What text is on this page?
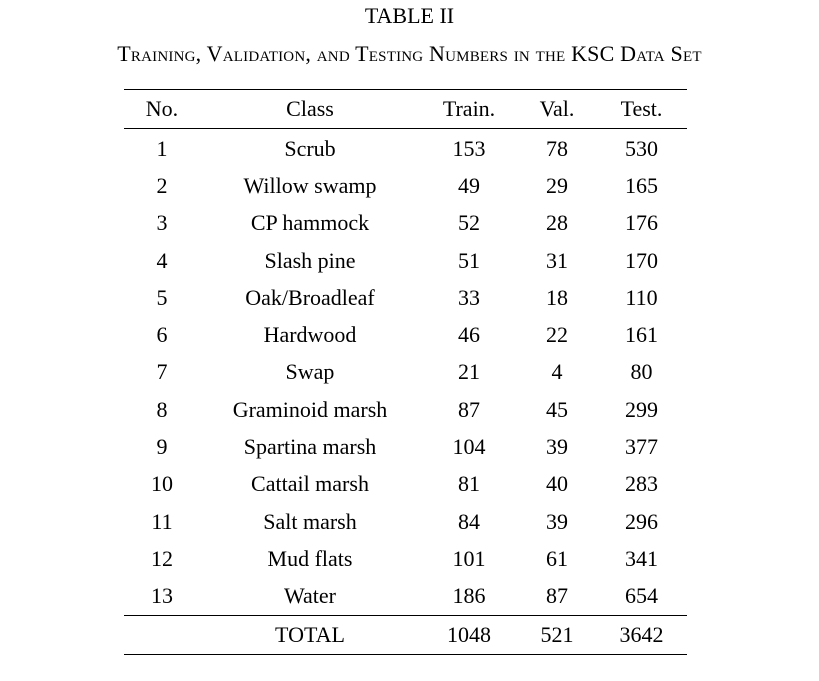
TABLE II
Training, Validation, and Testing Numbers in the KSC Data Set
No.	Class	Train.	Val.	Test.
1	Scrub	153	78	530
2	Willow swamp	49	29	165
3	CP hammock	52	28	176
4	Slash pine	51	31	170
5	Oak/Broadleaf	33	18	110
6	Hardwood	46	22	161
7	Swap	21	4	80
8	Graminoid marsh	87	45	299
9	Spartina marsh	104	39	377
10	Cattail marsh	81	40	283
11	Salt marsh	84	39	296
12	Mud flats	101	61	341
13	Water	186	87	654
	TOTAL	1048	521	3642
